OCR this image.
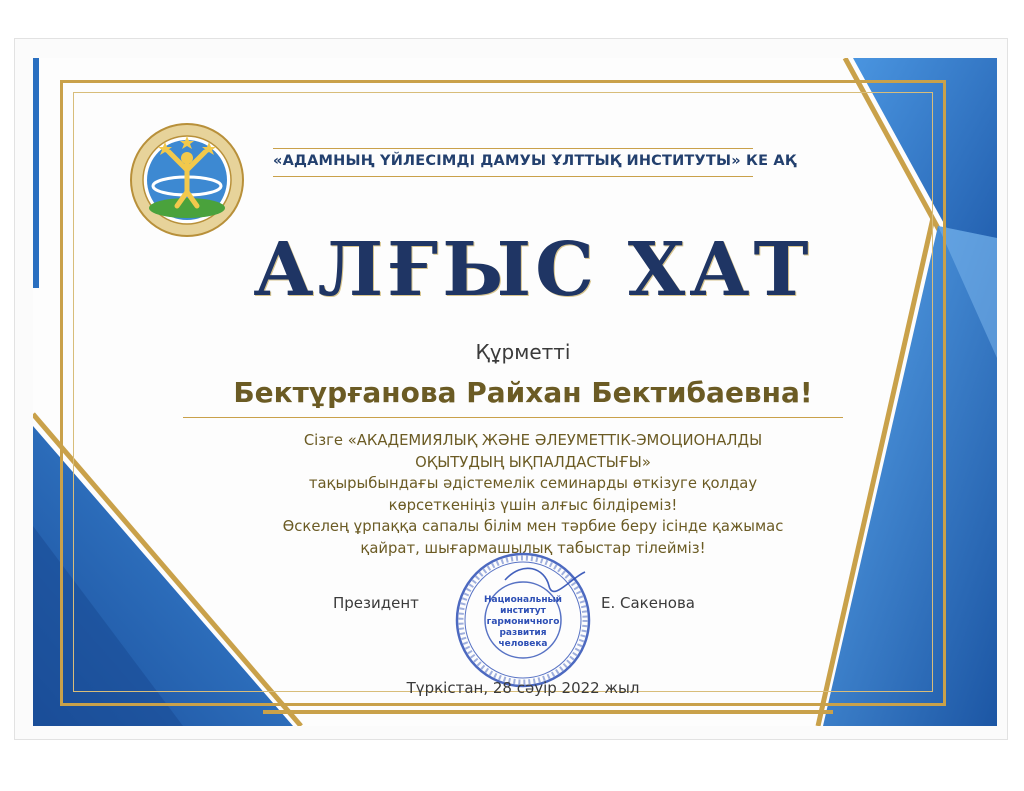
«АДАМНЫҢ ҮЙЛЕСІМДІ ДАМУЫ ҰЛТТЫҚ ИНСТИТУТЫ» КЕ АҚ
АЛҒЫС ХАТ
Құрметті
Бектұрғанова Райхан Бектибаевна!
Сізге «АКАДЕМИЯЛЫҚ ЖӘНЕ ӘЛЕУМЕТТІК-ЭМОЦИОНАЛДЫ
ОҚЫТУДЫҢ ЫҚПАЛДАСТЫҒЫ»
тақырыбындағы әдістемелік семинарды өткізуге қолдау
көрсеткеніңіз үшін алғыс білдіреміз!
Өскелең ұрпаққа сапалы білім мен тәрбие беру ісінде қажымас
қайрат, шығармашылық табыстар тілейміз!
Президент	Национальный
институт
гармоничного
развития
человека
Е. Сакенова
Түркістан, 28 сәуір 2022 жыл
